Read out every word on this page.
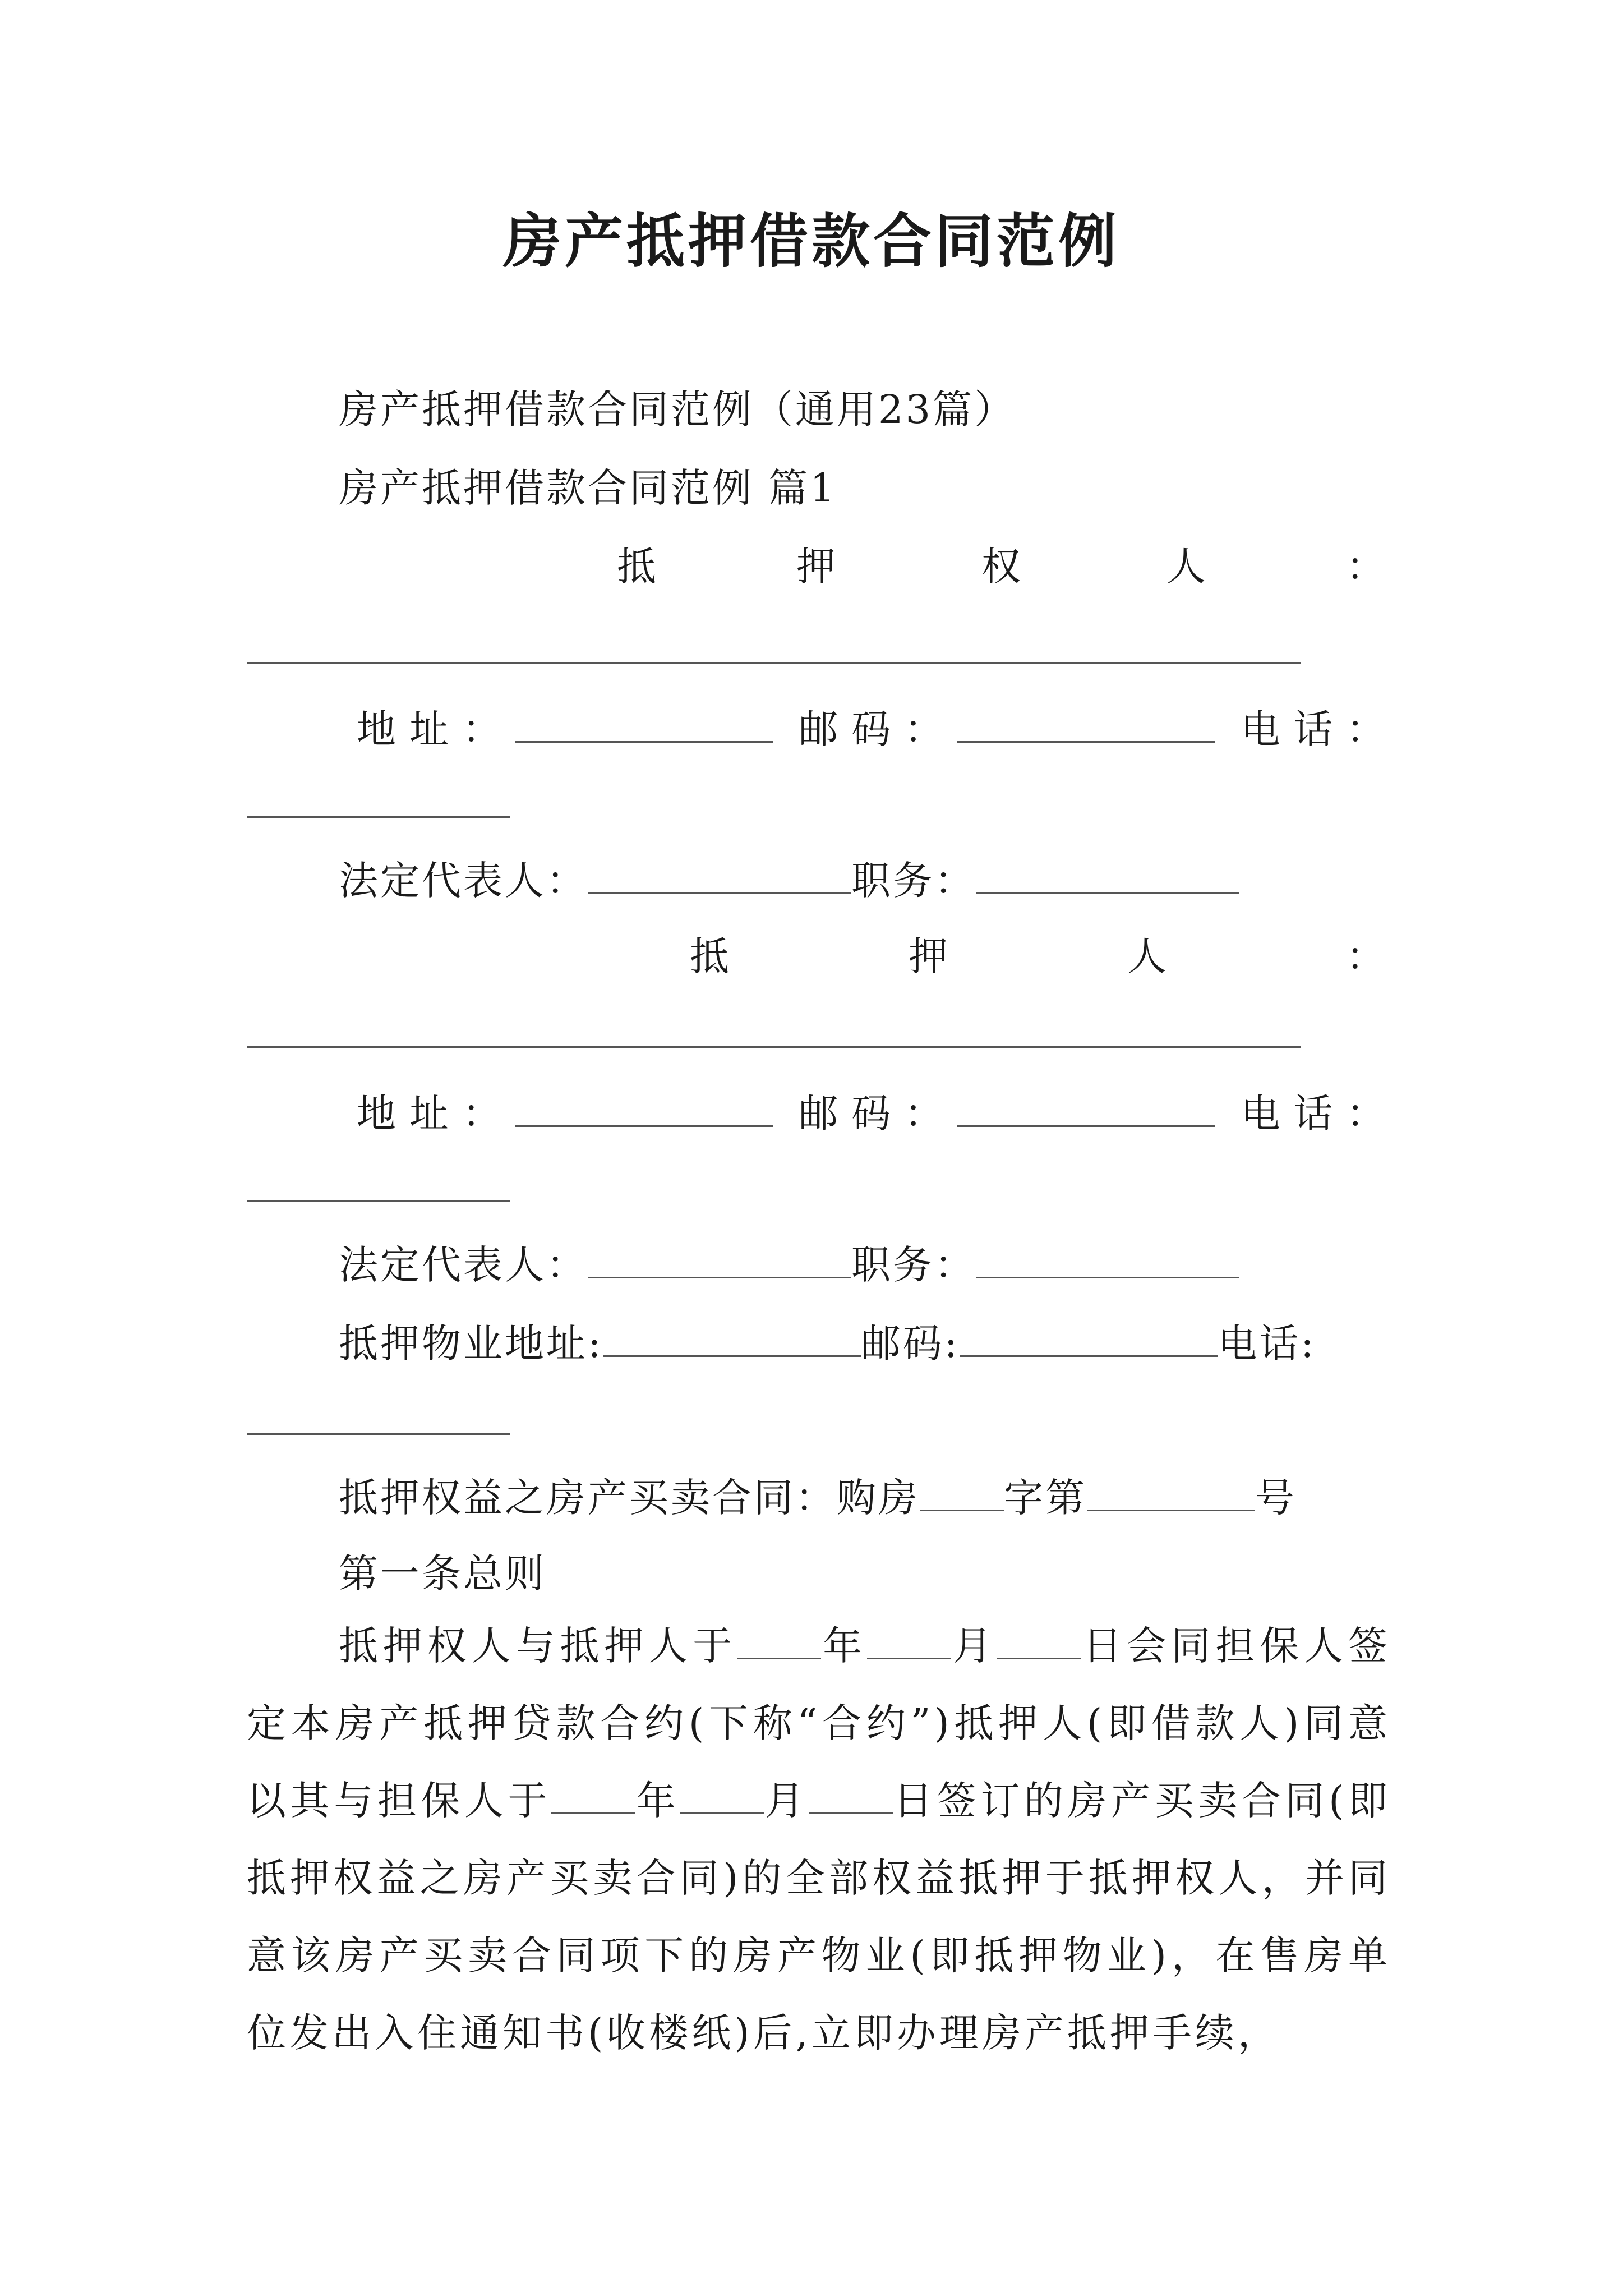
房产抵押借款合同范例
房产抵押借款合同范例（通用23篇）
房产抵押借款合同范例 篇1
抵	押	权	人	：
地址：	邮码：	电话：
法定代表人：	职务：
抵	押	人	：
地址：	邮码：	电话：
法定代表人：	职务：
抵押物业地址:	邮码:	电话:
抵押权益之房产买卖合同：购房 字第	号
第一条总则
抵押权人与抵押人于 年 月 日会同担保人签定本房产抵押贷款合约(下称“合约”)抵押人(即借款人)同意以其与担保人于 年 月 日签订的房产买卖合同(即抵押权益之房产买卖合同)的全部权益抵押于抵押权人，并同意该房产买卖合同项下的房产物业(即抵押物业)，在售房单位发出入住通知书(收楼纸)后,立即办理房产抵押手续，
